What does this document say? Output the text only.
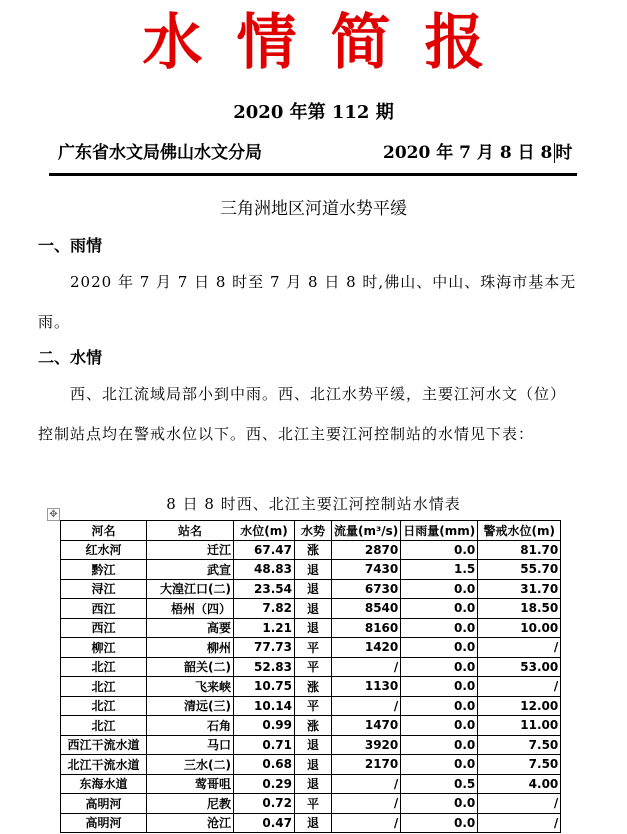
水情简报
2020 年第 112 期
广东省水文局佛山水文分局	2020 年 7 月 8 日 8 时
三角洲地区河道水势平缓
一、雨情
2020 年 7 月 7 日 8 时至 7 月 8 日 8 时,佛山、中山、珠海市基本无雨。
二、水情
西、北江流域局部小到中雨。西、北江水势平缓，主要江河水文（位）控制站点均在警戒水位以下。西、北江主要江河控制站的水情见下表：
8 日 8 时西、北江主要江河控制站水情表
✥
河名	站名	水位(m)	水势	流量(m³/s)	日雨量(mm)	警戒水位(m)
红水河	迁江	67.47	涨	2870	0.0	81.70
黔江	武宣	48.83	退	7430	1.5	55.70
浔江	大湟江口(二)	23.54	退	6730	0.0	31.70
西江	梧州（四）	7.82	退	8540	0.0	18.50
西江	高要	1.21	退	8160	0.0	10.00
柳江	柳州	77.73	平	1420	0.0	/
北江	韶关(二)	52.83	平	/	0.0	53.00
北江	飞来峡	10.75	涨	1130	0.0	/
北江	清远(三)	10.14	平	/	0.0	12.00
北江	石角	0.99	涨	1470	0.0	11.00
西江干流水道	马口	0.71	退	3920	0.0	7.50
北江干流水道	三水(二)	0.68	退	2170	0.0	7.50
东海水道	莺哥咀	0.29	退	/	0.5	4.00
高明河	尼教	0.72	平	/	0.0	/
高明河	沧江	0.47	退	/	0.0	/
